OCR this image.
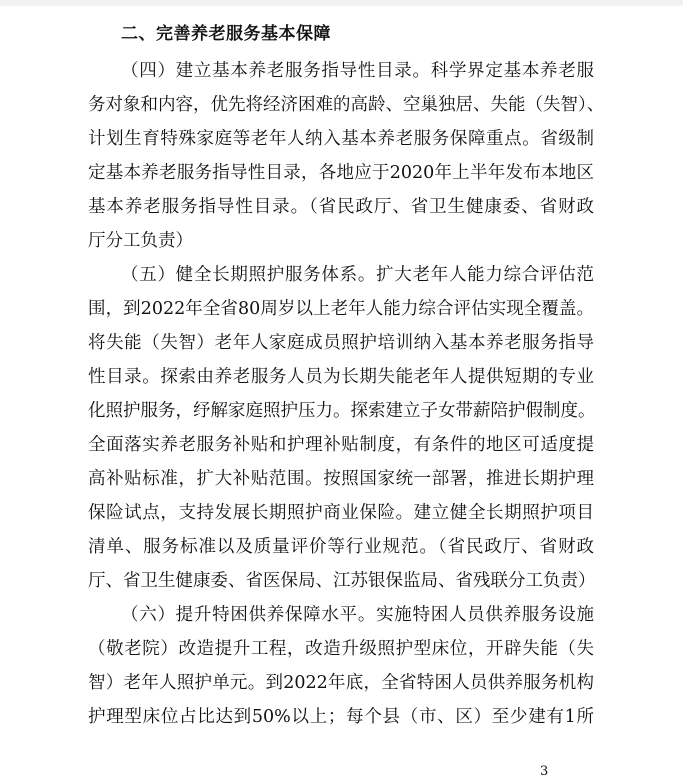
二、完善养老服务基本保障
（四）建立基本养老服务指导性目录。科学界定基本养老服
务对象和内容，优先将经济困难的高龄、空巢独居、失能（失智）、
计划生育特殊家庭等老年人纳入基本养老服务保障重点。省级制
定基本养老服务指导性目录，各地应于2020年上半年发布本地区
基本养老服务指导性目录。（省民政厅、省卫生健康委、省财政
厅分工负责）
（五）健全长期照护服务体系。扩大老年人能力综合评估范
围，到2022年全省80周岁以上老年人能力综合评估实现全覆盖。
将失能（失智）老年人家庭成员照护培训纳入基本养老服务指导
性目录。探索由养老服务人员为长期失能老年人提供短期的专业
化照护服务，纾解家庭照护压力。探索建立子女带薪陪护假制度。
全面落实养老服务补贴和护理补贴制度，有条件的地区可适度提
高补贴标准，扩大补贴范围。按照国家统一部署，推进长期护理
保险试点，支持发展长期照护商业保险。建立健全长期照护项目
清单、服务标准以及质量评价等行业规范。（省民政厅、省财政
厅、省卫生健康委、省医保局、江苏银保监局、省残联分工负责）
（六）提升特困供养保障水平。实施特困人员供养服务设施
（敬老院）改造提升工程，改造升级照护型床位，开辟失能（失
智）老年人照护单元。到2022年底，全省特困人员供养服务机构
护理型床位占比达到50%以上；每个县（市、区）至少建有1所
3
